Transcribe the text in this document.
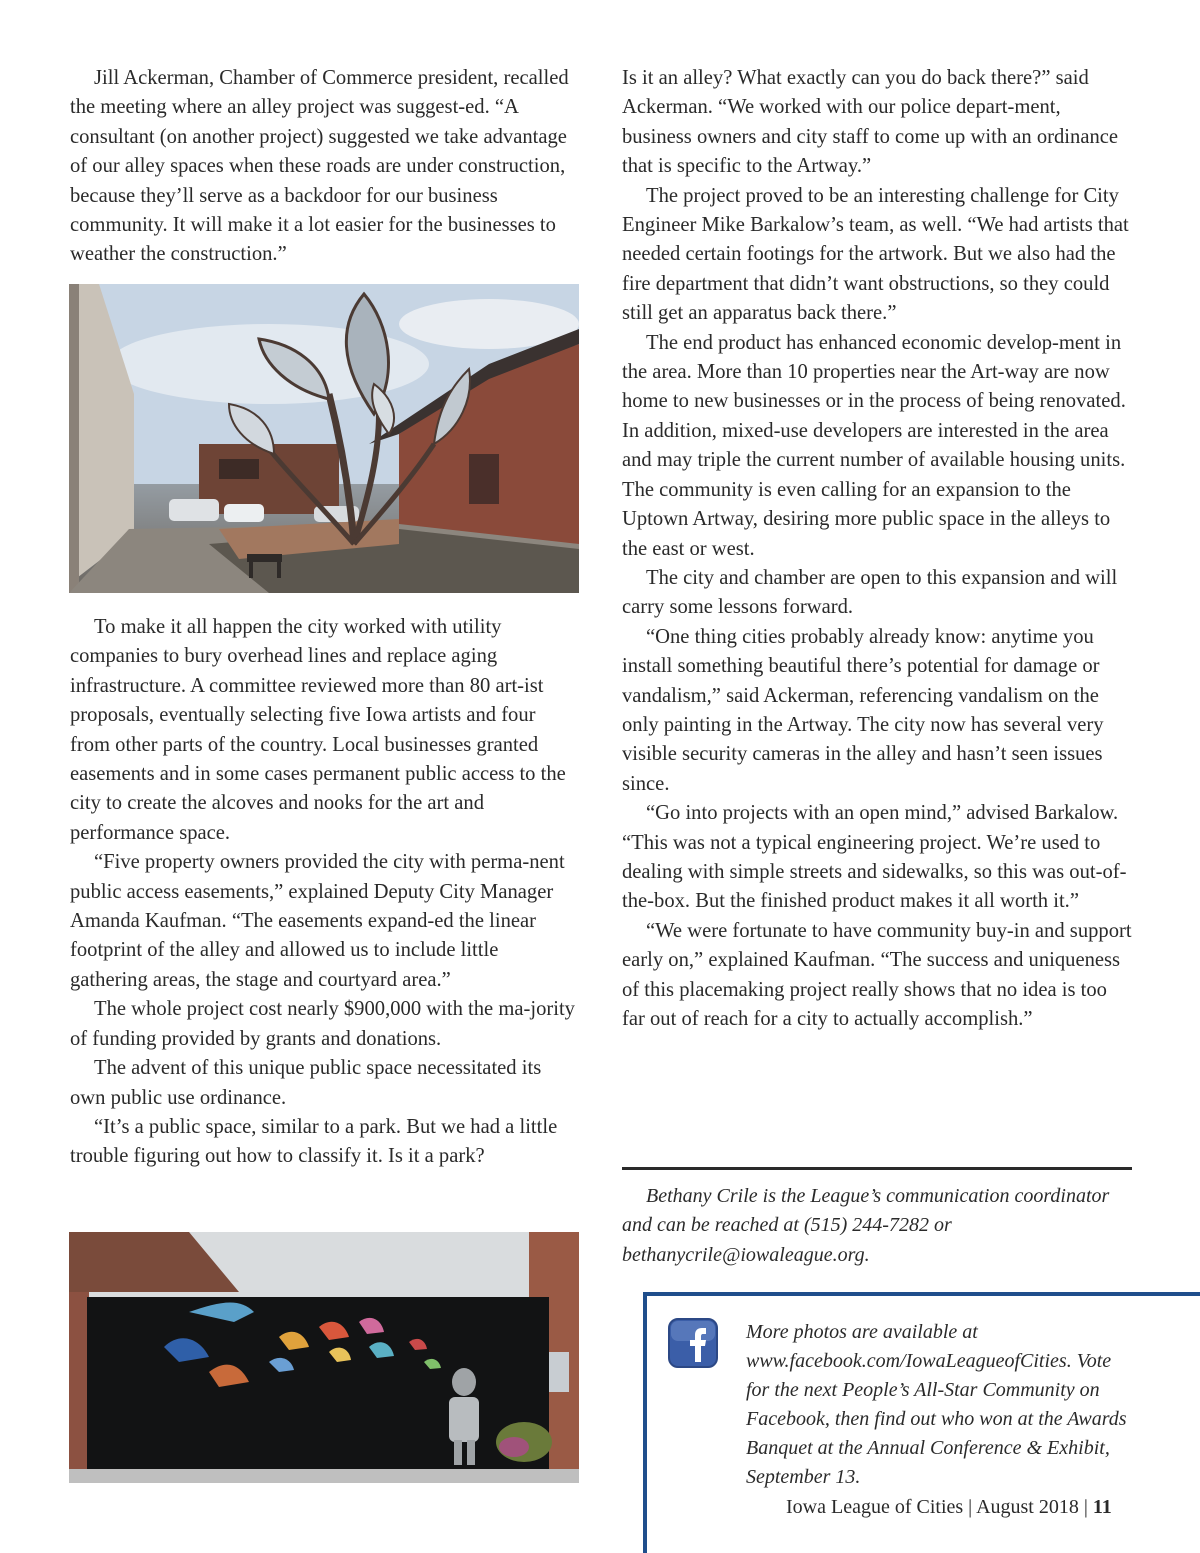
Jill Ackerman, Chamber of Commerce president, recalled the meeting where an alley project was suggest-ed. “A consultant (on another project) suggested we take advantage of our alley spaces when these roads are under construction, because they’ll serve as a backdoor for our business community. It will make it a lot easier for the businesses to weather the construction.”

To make it all happen the city worked with utility companies to bury overhead lines and replace aging infrastructure. A committee reviewed more than 80 art-ist proposals, eventually selecting five Iowa artists and four from other parts of the country. Local businesses granted easements and in some cases permanent public access to the city to create the alcoves and nooks for the art and performance space.

“Five property owners provided the city with perma-nent public access easements,” explained Deputy City Manager Amanda Kaufman. “The easements expand-ed the linear footprint of the alley and allowed us to include little gathering areas, the stage and courtyard area.”

The whole project cost nearly $900,000 with the ma-jority of funding provided by grants and donations.

The advent of this unique public space necessitated its own public use ordinance.

“It’s a public space, similar to a park. But we had a little trouble figuring out how to classify it. Is it a park?

Is it an alley? What exactly can you do back there?” said Ackerman. “We worked with our police depart-ment, business owners and city staff to come up with an ordinance that is specific to the Artway.”

The project proved to be an interesting challenge for City Engineer Mike Barkalow’s team, as well. “We had artists that needed certain footings for the artwork. But we also had the fire department that didn’t want obstructions, so they could still get an apparatus back there.”

The end product has enhanced economic develop-ment in the area. More than 10 properties near the Art-way are now home to new businesses or in the process of being renovated. In addition, mixed-use developers are interested in the area and may triple the current number of available housing units. The community is even calling for an expansion to the Uptown Artway, desiring more public space in the alleys to the east or west.

The city and chamber are open to this expansion and will carry some lessons forward.

“One thing cities probably already know: anytime you install something beautiful there’s potential for damage or vandalism,” said Ackerman, referencing vandalism on the only painting in the Artway. The city now has several very visible security cameras in the alley and hasn’t seen issues since.

“Go into projects with an open mind,” advised Barkalow. “This was not a typical engineering project. We’re used to dealing with simple streets and sidewalks, so this was out-of-the-box. But the finished product makes it all worth it.”

“We were fortunate to have community buy-in and support early on,” explained Kaufman. “The success and uniqueness of this placemaking project really shows that no idea is too far out of reach for a city to actually accomplish.”

Bethany Crile is the League’s communication coordinator and can be reached at (515) 244-7282 or bethanycrile@iowaleague.org.

More photos are available at www.facebook.com/IowaLeagueofCities. Vote for the next People’s All-Star Community on Facebook, then find out who won at the Awards Banquet at the Annual Conference & Exhibit, September 13.
Iowa League of Cities | August 2018 | 11
